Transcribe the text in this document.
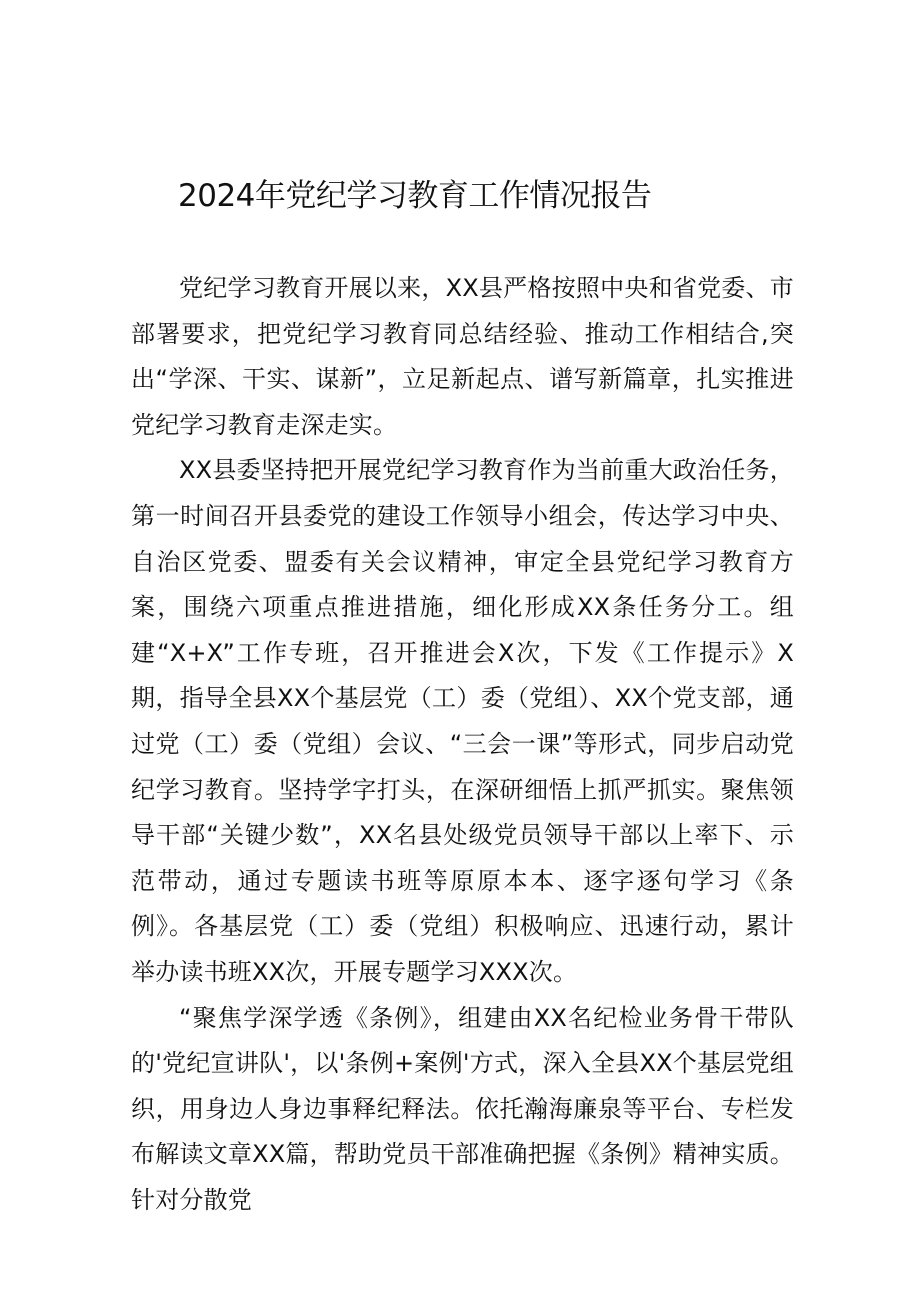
2024年党纪学习教育工作情况报告

党纪学习教育开展以来，XX县严格按照中央和省党委、市部署要求，把党纪学习教育同总结经验、推动工作相结合,突出“学深、干实、谋新”，立足新起点、谱写新篇章，扎实推进党纪学习教育走深走实。

XX县委坚持把开展党纪学习教育作为当前重大政治任务，第一时间召开县委党的建设工作领导小组会，传达学习中央、自治区党委、盟委有关会议精神，审定全县党纪学习教育方案，围绕六项重点推进措施，细化形成XX条任务分工。组建“X+X”工作专班，召开推进会X次，下发《工作提示》X期，指导全县XX个基层党（工）委（党组）、XX个党支部，通过党（工）委（党组）会议、“三会一课”等形式，同步启动党纪学习教育。坚持学字打头，在深研细悟上抓严抓实。聚焦领导干部“关键少数”，XX名县处级党员领导干部以上率下、示范带动，通过专题读书班等原原本本、逐字逐句学习《条例》。各基层党（工）委（党组）积极响应、迅速行动，累计举办读书班XX次，开展专题学习XXX次。

“聚焦学深学透《条例》，组建由XX名纪检业务骨干带队的'党纪宣讲队'，以'条例+案例'方式，深入全县XX个基层党组织，用身边人身边事释纪释法。依托瀚海廉泉等平台、专栏发布解读文章XX篇，帮助党员干部准确把握《条例》精神实质。针对分散党
